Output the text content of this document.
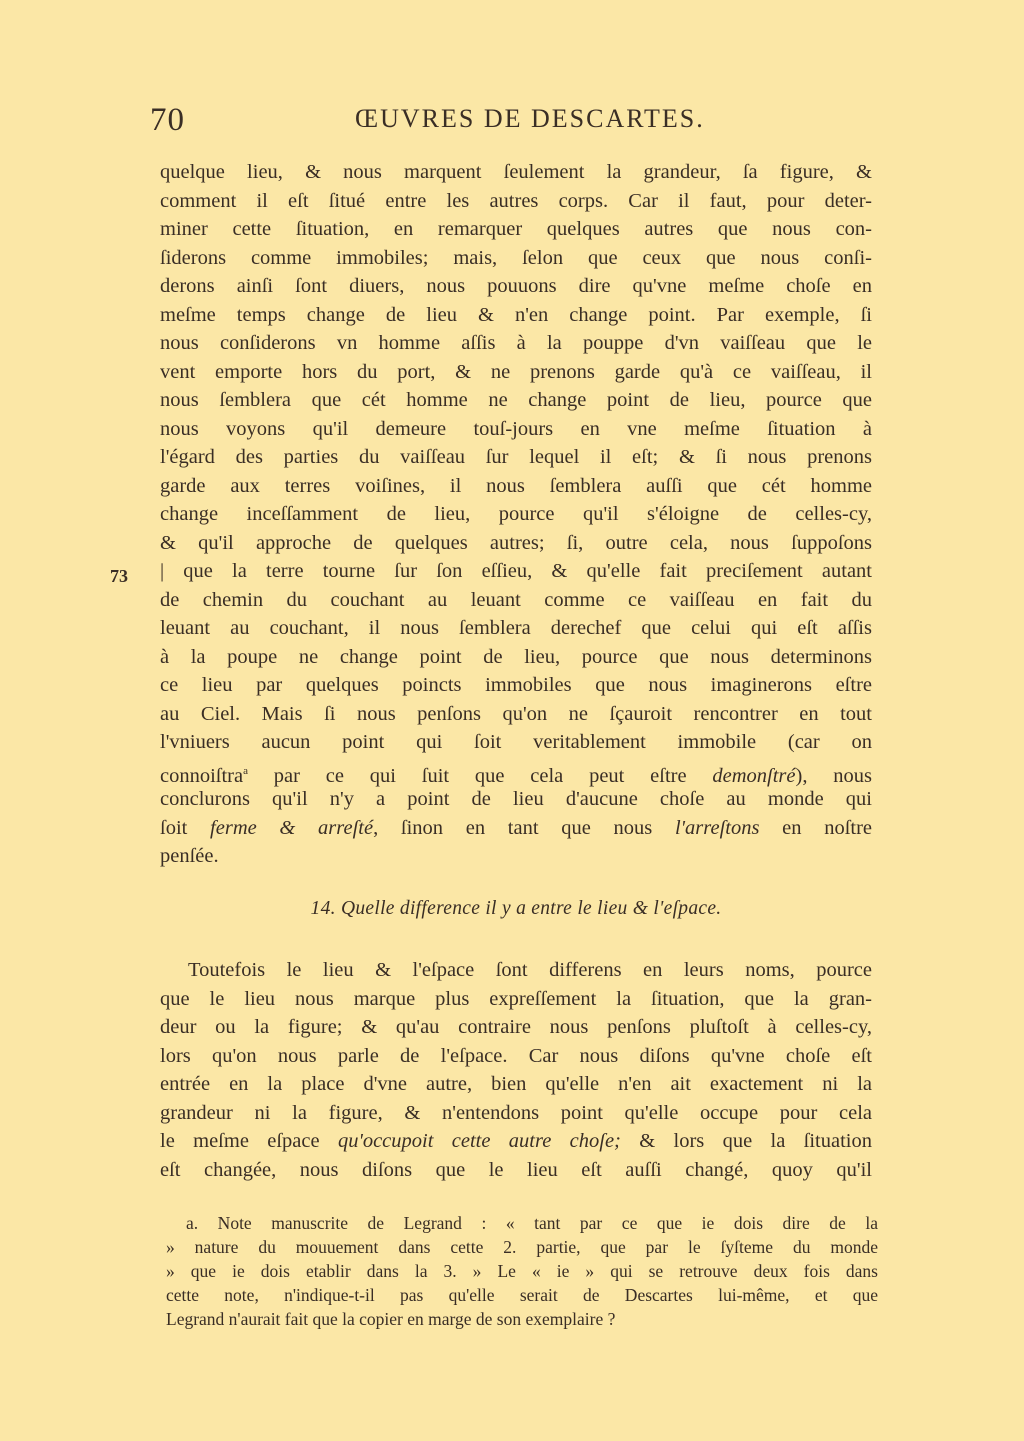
70	ŒUVRES DE DESCARTES.
73
quelque lieu, & nous marquent ſeulement la grandeur, ſa figure, &
comment il eſt ſitué entre les autres corps. Car il faut, pour deter-
miner cette ſituation, en remarquer quelques autres que nous con-
ſiderons comme immobiles; mais, ſelon que ceux que nous conſi-
derons ainſi ſont diuers, nous pouuons dire qu'vne meſme choſe en
meſme temps change de lieu & n'en change point. Par exemple, ſi
nous conſiderons vn homme aſſis à la pouppe d'vn vaiſſeau que le
vent emporte hors du port, & ne prenons garde qu'à ce vaiſſeau, il
nous ſemblera que cét homme ne change point de lieu, pource que
nous voyons qu'il demeure touſ-jours en vne meſme ſituation à
l'égard des parties du vaiſſeau ſur lequel il eſt; & ſi nous prenons
garde aux terres voiſines, il nous ſemblera auſſi que cét homme
change inceſſamment de lieu, pource qu'il s'éloigne de celles-cy,
& qu'il approche de quelques autres; ſi, outre cela, nous ſuppoſons
| que la terre tourne ſur ſon eſſieu, & qu'elle fait preciſement autant
de chemin du couchant au leuant comme ce vaiſſeau en fait du
leuant au couchant, il nous ſemblera derechef que celui qui eſt aſſis
à la poupe ne change point de lieu, pource que nous determinons
ce lieu par quelques poincts immobiles que nous imaginerons eſtre
au Ciel. Mais ſi nous penſons qu'on ne ſçauroit rencontrer en tout
l'vniuers aucun point qui ſoit veritablement immobile (car on
connoiſtra$^a$ par ce qui ſuit que cela peut eſtre demonſtré), nous
conclurons qu'il n'y a point de lieu d'aucune choſe au monde qui
ſoit ferme & arreſté, ſinon en tant que nous l'arreſtons en noſtre
penſée.
14. Quelle difference il y a entre le lieu & l'eſpace.
Toutefois le lieu & l'eſpace ſont differens en leurs noms, pource
que le lieu nous marque plus expreſſement la ſituation, que la gran-
deur ou la figure; & qu'au contraire nous penſons pluſtoſt à celles-cy,
lors qu'on nous parle de l'eſpace. Car nous diſons qu'vne choſe eſt
entrée en la place d'vne autre, bien qu'elle n'en ait exactement ni la
grandeur ni la figure, & n'entendons point qu'elle occupe pour cela
le meſme eſpace qu'occupoit cette autre choſe; & lors que la ſituation
eſt changée, nous diſons que le lieu eſt auſſi changé, quoy qu'il
a. Note manuscrite de Legrand : « tant par ce que ie dois dire de la
» nature du mouuement dans cette 2. partie, que par le ſyſteme du monde
» que ie dois etablir dans la 3. » Le « ie » qui se retrouve deux fois dans
cette note, n'indique-t-il pas qu'elle serait de Descartes lui-même, et que
Legrand n'aurait fait que la copier en marge de son exemplaire ?
